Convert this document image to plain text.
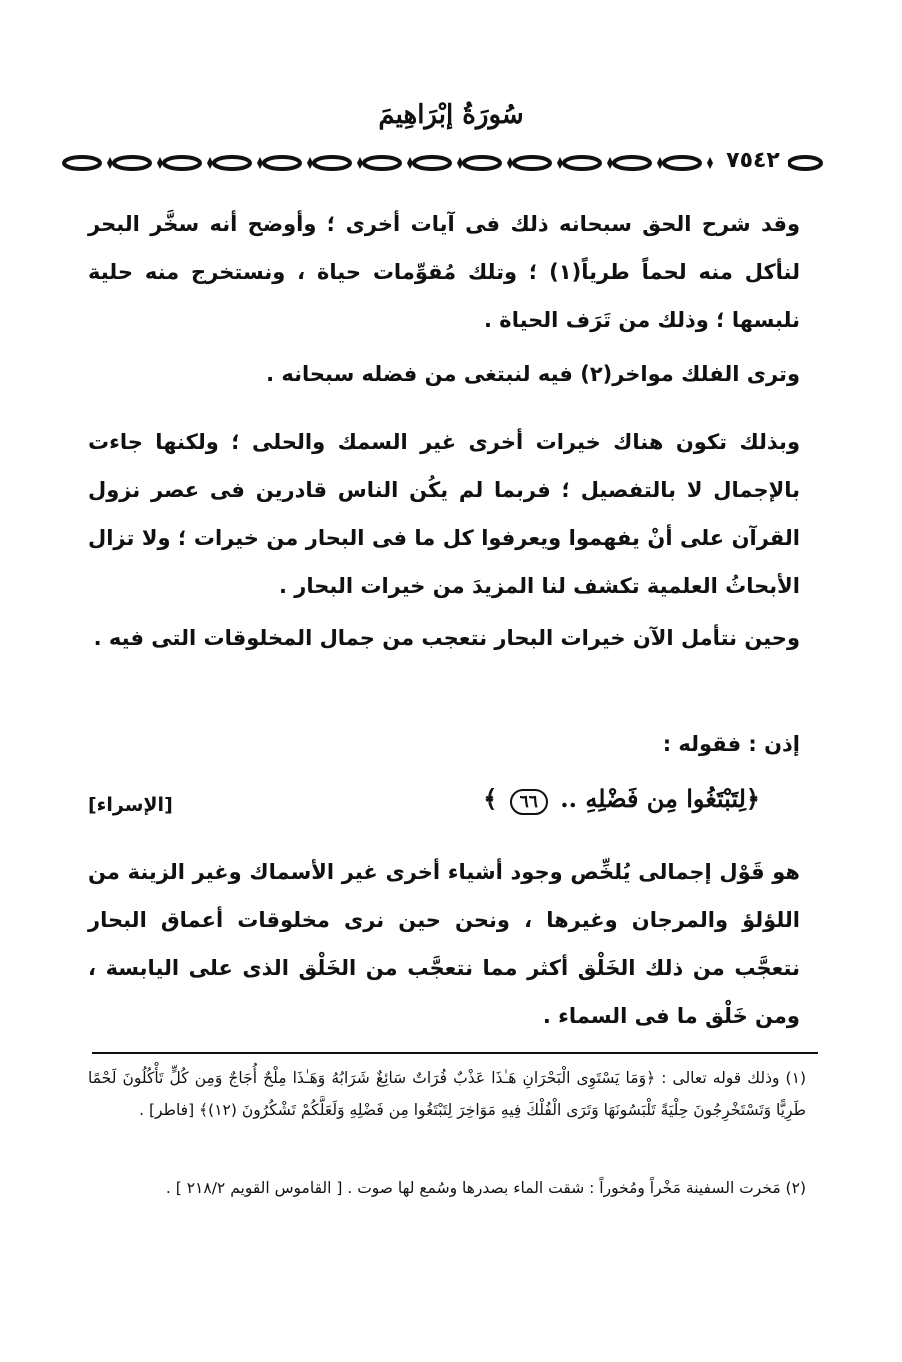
سُورَةُ إبْرَاهِيمَ
٧٥٤٢

وقد شرح الحق سبحانه ذلك فى آيات أخرى ؛ وأوضح أنه سخَّر البحر لنأكل منه لحماً طرياً(١) ؛ وتلك مُقوِّمات حياة ، ونستخرج منه حلية نلبسها ؛ وذلك من تَرَف الحياة .

وترى الفلك مواخر(٢) فيه لنبتغى من فضله سبحانه .

وبذلك تكون هناك خيرات أخرى غير السمك والحلى ؛ ولكنها جاءت بالإجمال لا بالتفصيل ؛ فربما لم يكُن الناس قادرين فى عصر نزول القرآن على أنْ يفهموا ويعرفوا كل ما فى البحار من خيرات ؛ ولا تزال الأبحاثُ العلمية تكشف لنا المزيدَ من خيرات البحار .

وحين نتأمل الآن خيرات البحار نتعجب من جمال المخلوقات التى فيه .

إذن : فقوله :

﴿لِتَبْتَغُوا مِن فَضْلِهِ .. ٦٦ ﴾
[الإسراء]

هو قَوْل إجمالى يُلخِّص وجود أشياء أخرى غير الأسماك وغير الزينة من اللؤلؤ والمرجان وغيرها ، ونحن حين نرى مخلوقات أعماق البحار نتعجَّب من ذلك الخَلْق أكثر مما نتعجَّب من الخَلْق الذى على اليابسة ، ومن خَلْق ما فى السماء .

(١) وذلك قوله تعالى : ﴿وَمَا يَسْتَوِى الْبَحْرَانِ هَـٰذَا عَذْبٌ فُرَاتٌ سَائِغٌ شَرَابُهُ وَهَـٰذَا مِلْحٌ أُجَاجٌ وَمِن كُلٍّ تَأْكُلُونَ لَحْمًا طَرِيًّا وَتَسْتَخْرِجُونَ حِلْيَةً تَلْبَسُونَهَا وَتَرَى الْفُلْكَ فِيهِ مَوَاخِرَ لِتَبْتَغُوا مِن فَضْلِهِ وَلَعَلَّكُمْ تَشْكُرُونَ (١٢)﴾ [فاطر] .

(٢) مَخرت السفينة مَخْراً ومُخوراً : شقت الماء بصدرها وسُمع لها صوت . [ القاموس القويم ٢١٨/٢ ] .
